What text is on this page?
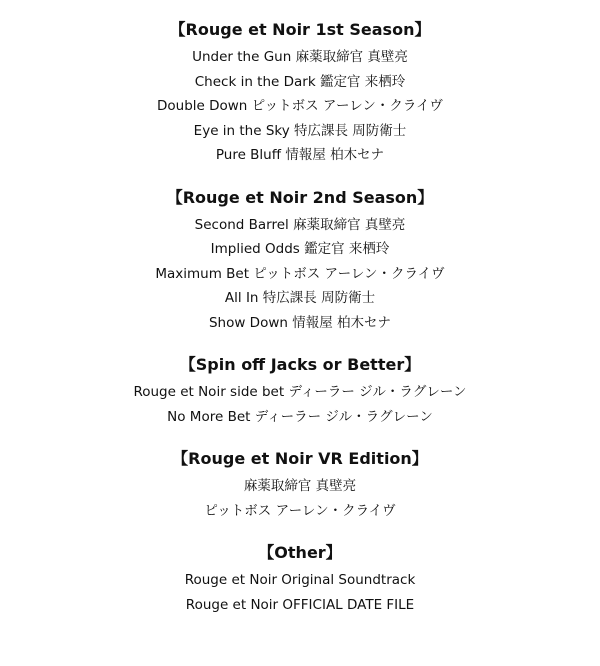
【Rouge et Noir 1st Season】
Under the Gun 麻薬取締官 真壁亮
Check in the Dark 鑑定官 来栖玲
Double Down ピットボス アーレン・クライヴ
Eye in the Sky 特広課長 周防衛士
Pure Bluff 情報屋 柏木セナ
【Rouge et Noir 2nd Season】
Second Barrel 麻薬取締官 真壁亮
Implied Odds 鑑定官 来栖玲
Maximum Bet ピットボス アーレン・クライヴ
All In 特広課長 周防衛士
Show Down 情報屋 柏木セナ
【Spin off Jacks or Better】
Rouge et Noir side bet ディーラー ジル・ラグレーン
No More Bet ディーラー ジル・ラグレーン
【Rouge et Noir VR Edition】
麻薬取締官 真壁亮
ピットボス アーレン・クライヴ
【Other】
Rouge et Noir Original Soundtrack
Rouge et Noir OFFICIAL DATE FILE
